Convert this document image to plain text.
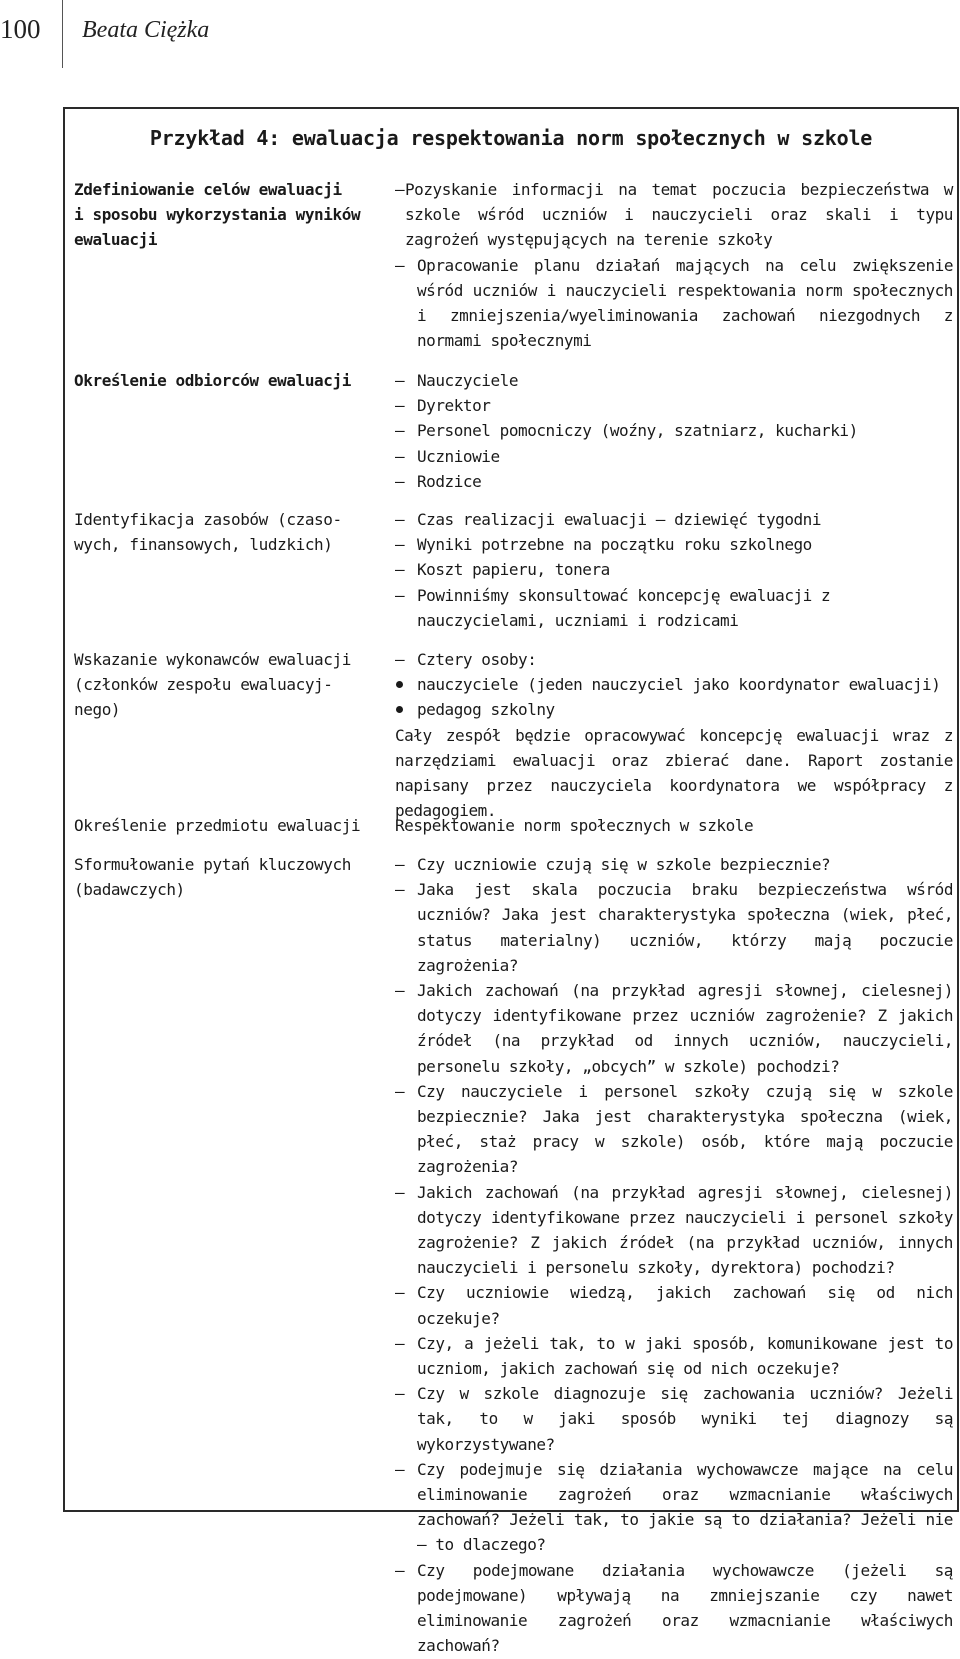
100 Beata Ciężka
Przykład 4: ewaluacja respektowania norm społecznych w szkole
Zdefiniowanie celów ewaluacji
i sposobu wykorzystania wyników
ewaluacji
– Pozyskanie informacji na temat poczucia bezpieczeństwa w szkole wśród uczniów i nauczycieli oraz skali i typu zagrożeń występujących na terenie szkoły
– Opracowanie planu działań mających na celu zwiększenie wśród uczniów i nauczycieli respektowania norm społecznych i zmniejszenia/wyeliminowania zachowań niezgodnych z normami społecznymi
Określenie odbiorców ewaluacji
–	Nauczyciele
– Dyrektor
– Personel pomocniczy (woźny, szatniarz, kucharki)
– Uczniowie
– Rodzice
Identyfikacja zasobów (czaso-
wych, finansowych, ludzkich)
– Czas realizacji ewaluacji – dziewięć tygodni
– Wyniki potrzebne na początku roku szkolnego
– Koszt papieru, tonera
– Powinniśmy skonsultować koncepcję ewaluacji z nauczycielami, uczniami i rodzicami
Wskazanie wykonawców ewaluacji
(członków zespołu ewaluacyj-
nego)
– Cztery osoby:
nauczyciele (jeden nauczyciel jako koordynator ewaluacji)
pedagog szkolny
Cały zespół będzie opracowywać koncepcję ewaluacji wraz z narzędziami ewaluacji oraz zbierać dane. Raport zostanie napisany przez nauczyciela koordynatora we współpracy z pedagogiem.
Określenie przedmiotu ewaluacji	Respektowanie norm społecznych w szkole
Sformułowanie pytań kluczowych
(badawczych)
– Czy uczniowie czują się w szkole bezpiecznie?
– Jaka jest skala poczucia braku bezpieczeństwa wśród uczniów? Jaka jest charakterystyka społeczna (wiek, płeć, status materialny) uczniów, którzy mają poczucie zagrożenia?
– Jakich zachowań (na przykład agresji słownej, cielesnej) dotyczy identyfikowane przez uczniów zagrożenie? Z jakich źródeł (na przykład od innych uczniów, nauczycieli, personelu szkoły, „obcych” w szkole) pochodzi?
– Czy nauczyciele i personel szkoły czują się w szkole bezpiecznie? Jaka jest charakterystyka społeczna (wiek, płeć, staż pracy w szkole) osób, które mają poczucie zagrożenia?
– Jakich zachowań (na przykład agresji słownej, cielesnej) dotyczy identyfikowane przez nauczycieli i personel szkoły zagrożenie? Z jakich źródeł (na przykład uczniów, innych nauczycieli i personelu szkoły, dyrektora) pochodzi?
– Czy uczniowie wiedzą, jakich zachowań się od nich oczekuje?
– Czy, a jeżeli tak, to w jaki sposób, komunikowane jest to uczniom, jakich zachowań się od nich oczekuje?
– Czy w szkole diagnozuje się zachowania uczniów? Jeżeli tak, to w jaki sposób wyniki tej diagnozy są wykorzystywane?
– Czy podejmuje się działania wychowawcze mające na celu eliminowanie zagrożeń oraz wzmacnianie właściwych zachowań? Jeżeli tak, to jakie są to działania? Jeżeli nie – to dlaczego?
– Czy podejmowane działania wychowawcze (jeżeli są podejmowane) wpływają na zmniejszanie czy nawet eliminowanie zagrożeń oraz wzmacnianie właściwych zachowań?
